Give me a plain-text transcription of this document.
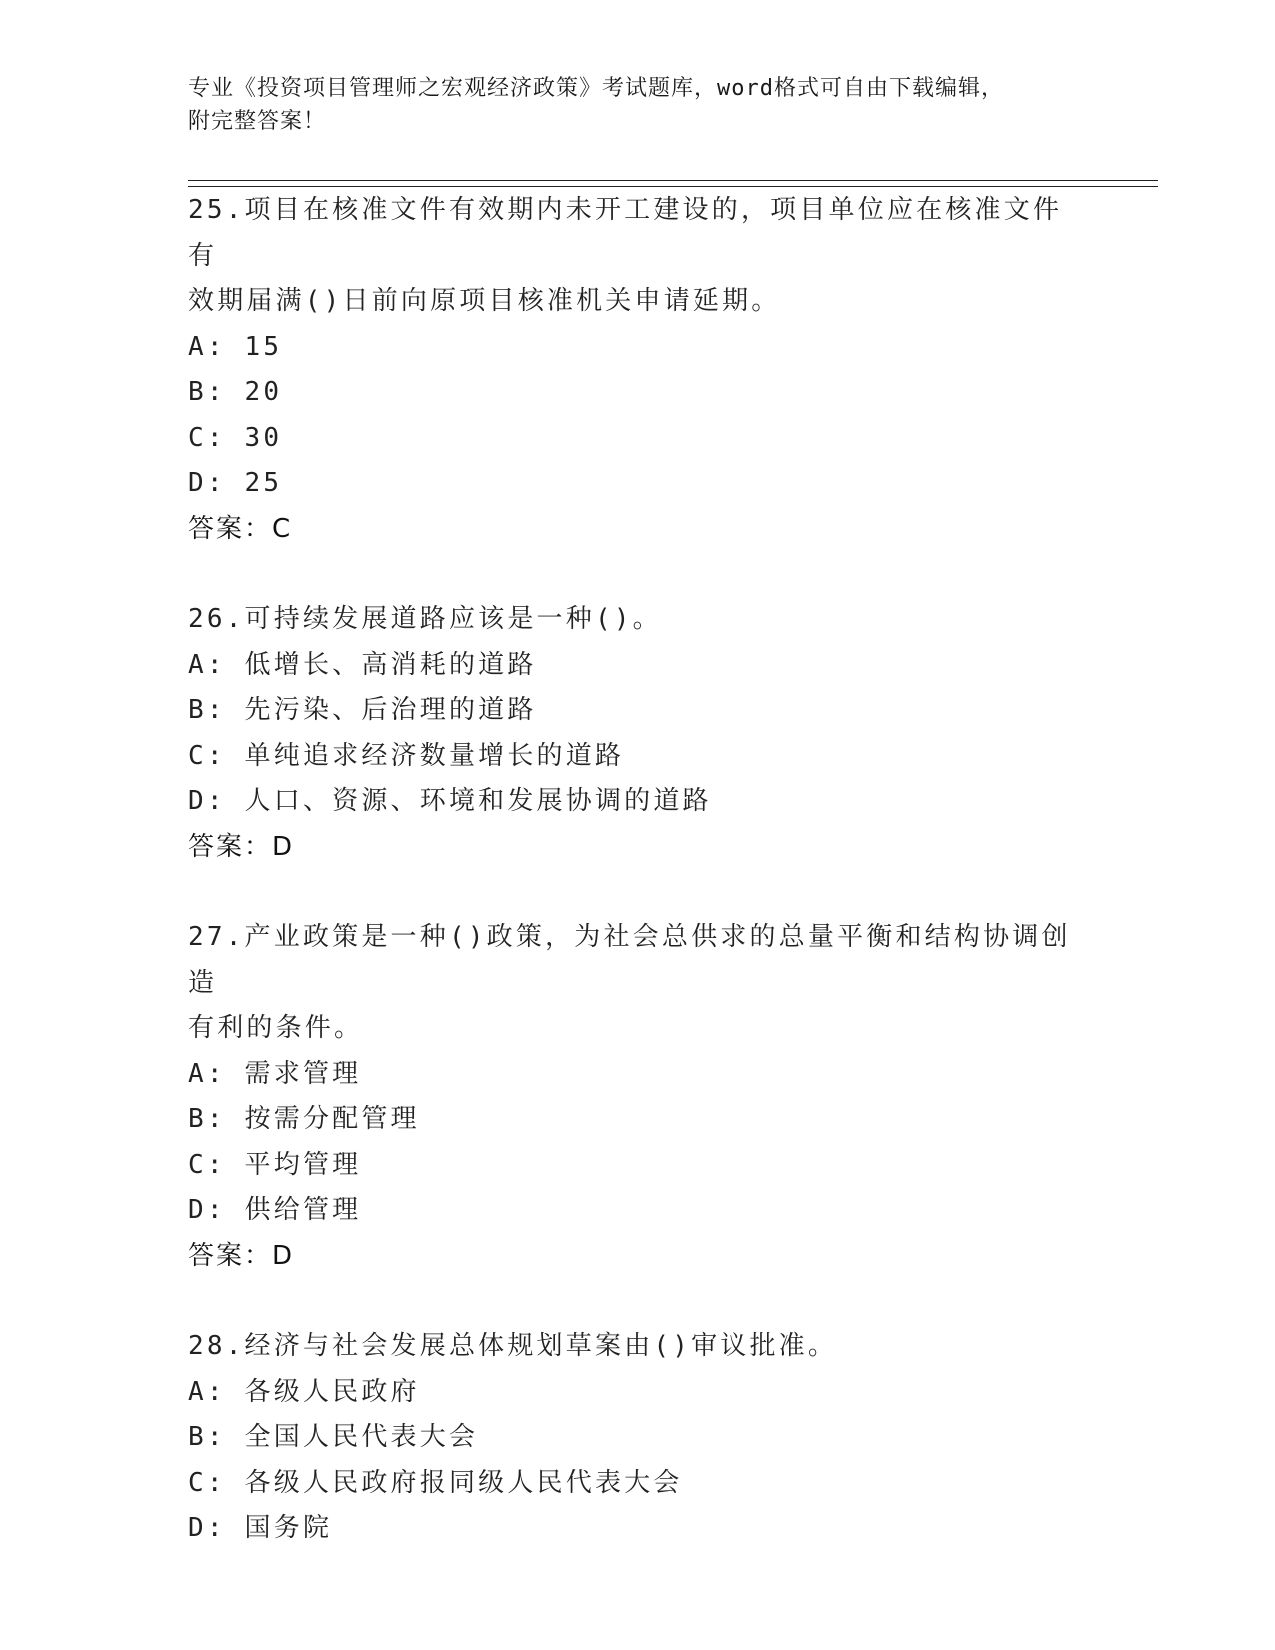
专业《投资项目管理师之宏观经济政策》考试题库，word格式可自由下载编辑，
附完整答案！
25.项目在核准文件有效期内未开工建设的，项目单位应在核准文件有
效期届满()日前向原项目核准机关申请延期。
A: 15
B: 20
C: 30
D: 25
答案：C
26.可持续发展道路应该是一种()。
A: 低增长、高消耗的道路
B: 先污染、后治理的道路
C: 单纯追求经济数量增长的道路
D: 人口、资源、环境和发展协调的道路
答案：D
27.产业政策是一种()政策，为社会总供求的总量平衡和结构协调创造
有利的条件。
A: 需求管理
B: 按需分配管理
C: 平均管理
D: 供给管理
答案：D
28.经济与社会发展总体规划草案由()审议批准。
A: 各级人民政府
B: 全国人民代表大会
C: 各级人民政府报同级人民代表大会
D: 国务院
